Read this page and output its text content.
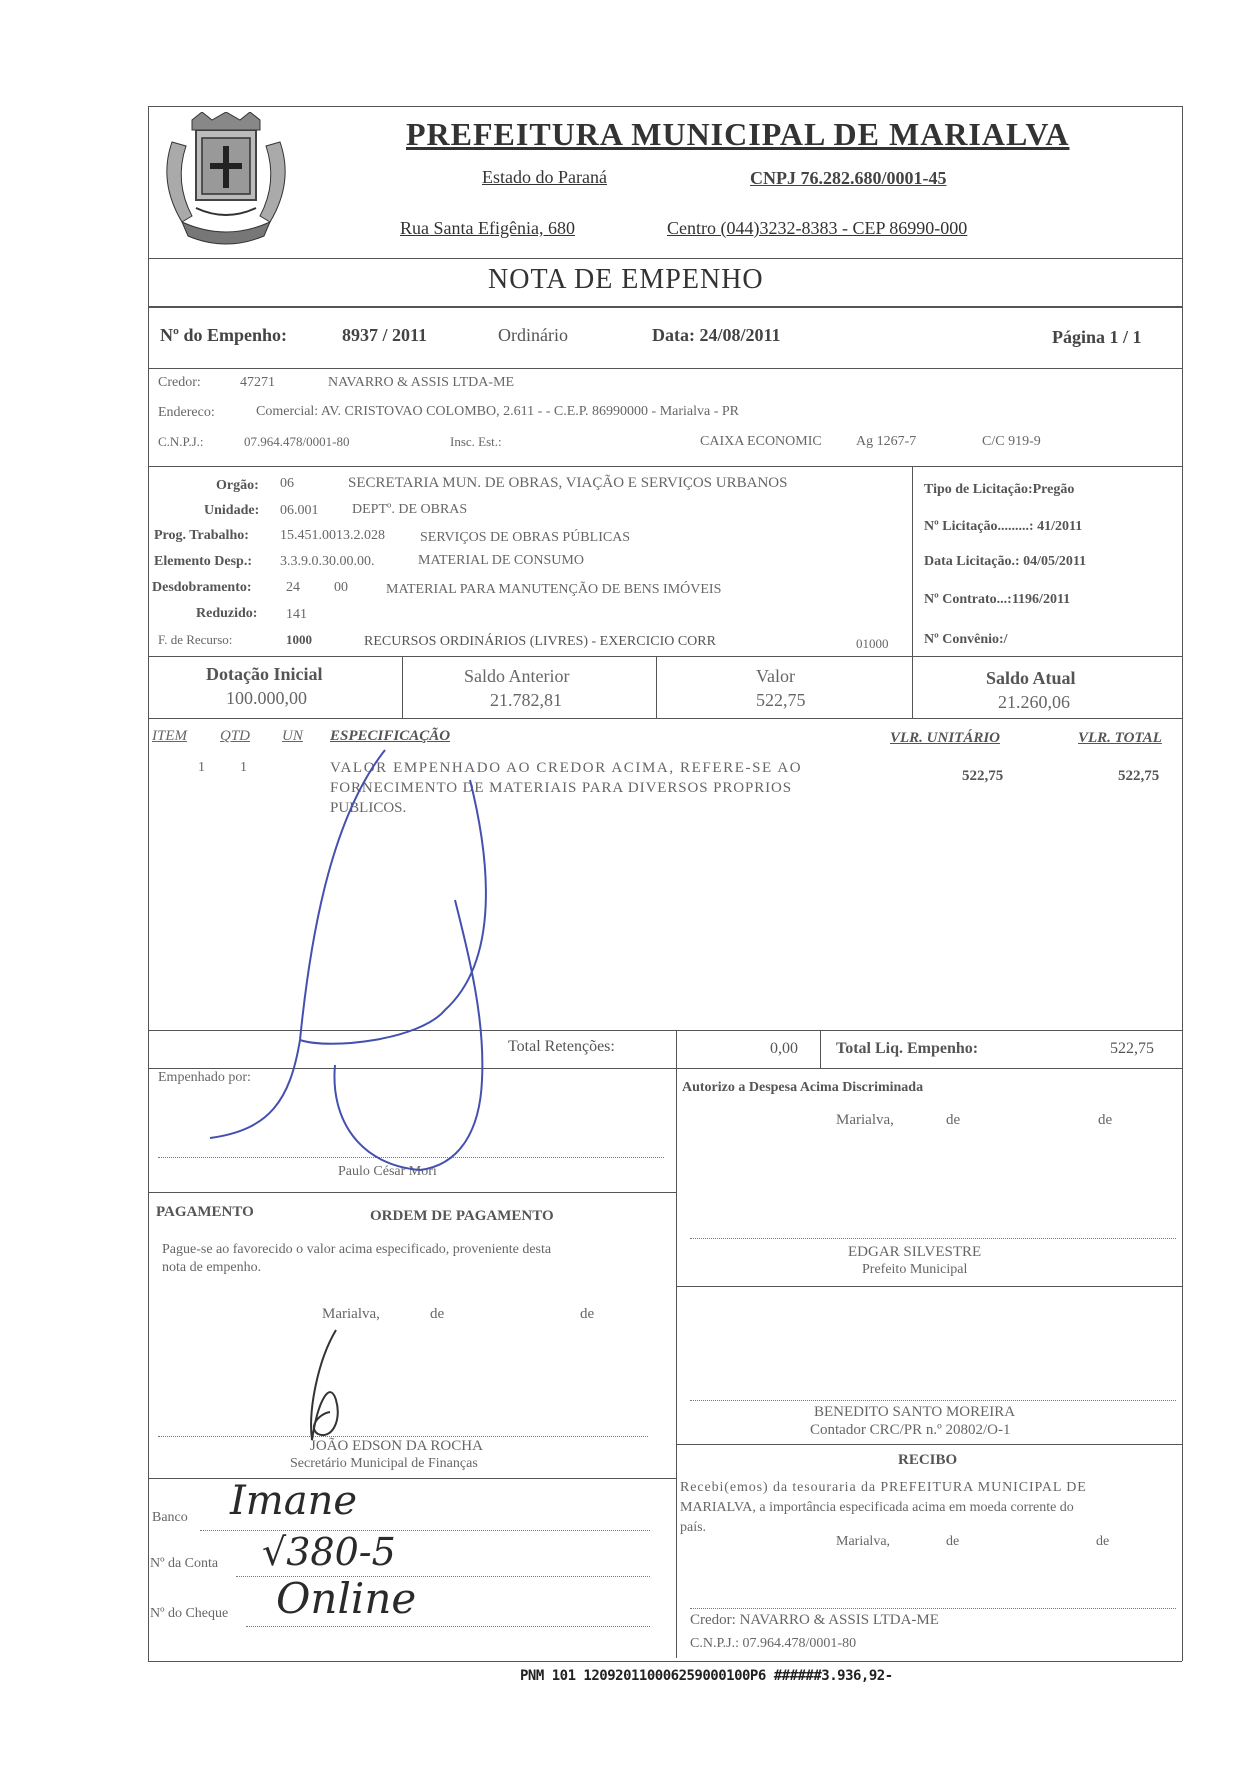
PREFEITURA MUNICIPAL DE MARIALVA
Estado do Paraná	CNPJ 76.282.680/0001-45
Rua Santa Efigênia, 680	Centro (044)3232-8383 - CEP 86990-000
NOTA DE EMPENHO
Nº do Empenho:	8937 / 2011	Ordinário	Data: 24/08/2011	Página 1 / 1
Credor:	47271	NAVARRO & ASSIS LTDA-ME
Endereco:	Comercial: AV. CRISTOVAO COLOMBO, 2.611 - - C.E.P. 86990000 - Marialva - PR
C.N.P.J.:	07.964.478/0001-80	Insc. Est.:	CAIXA ECONOMIC Ag 1267-7	C/C 919-9
Orgão: 06	SECRETARIA MUN. DE OBRAS, VIAÇÃO E SERVIÇOS URBANOS
Unidade: 06.001 DEPTº. DE OBRAS
Prog. Trabalho: 15.451.0013.2.028	SERVIÇOS DE OBRAS PÚBLICAS
Elemento Desp.: 3.3.9.0.30.00.00.	MATERIAL DE CONSUMO
Desdobramento: 24 00	MATERIAL PARA MANUTENÇÃO DE BENS IMÓVEIS
Reduzido: 141
F. de Recurso:	1000	RECURSOS ORDINÁRIOS (LIVRES) - EXERCICIO CORR	01000
Tipo de Licitação:Pregão
Nº Licitação.........: 41/2011
Data Licitação.: 04/05/2011
Nº Contrato...:1196/2011
Nº Convênio:/
Dotação Inicial
100.000,00
Saldo Anterior
21.782,81
Valor
522,75
Saldo Atual
21.260,06
ITEM QTD UN ESPECIFICAÇÃO	VLR. UNITÁRIO	VLR. TOTAL
1	1	VALOR EMPENHADO AO CREDOR ACIMA, REFERE-SE AO
FORNECIMENTO DE MATERIAIS PARA DIVERSOS PROPRIOS
PUBLICOS.
522,75	522,75
Total Retenções:	0,00 Total Liq. Empenho:	522,75
Empenhado por:
Paulo César Mori
PAGAMENTO	ORDEM DE PAGAMENTO
Pague-se ao favorecido o valor acima especificado, proveniente desta
nota de empenho.
Marialva,	de	de
JOÃO EDSON DA ROCHA
Secretário Municipal de Finanças
Banco Imane
Nº da Conta √380-5
Nº do Cheque Online
Autorizo a Despesa Acima Discriminada
Marialva,	de	de
EDGAR SILVESTRE
Prefeito Municipal
BENEDITO SANTO MOREIRA
Contador CRC/PR n.º 20802/O-1
RECIBO
Recebi(emos) da tesouraria da PREFEITURA MUNICIPAL DE
MARIALVA, a importância especificada acima em moeda corrente do
país.
Marialva,	de	de
Credor: NAVARRO & ASSIS LTDA-ME
C.N.P.J.: 07.964.478/0001-80
PNM 101 120920110006259000100P6 ######3.936,92-
